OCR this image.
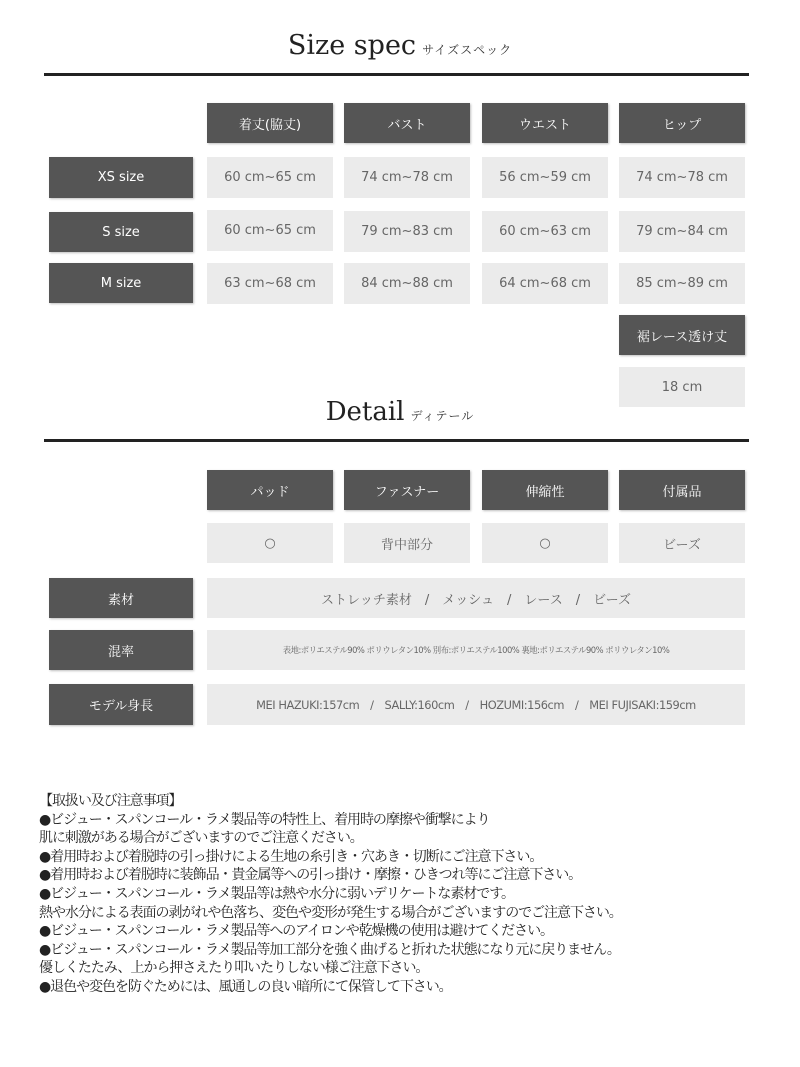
Size spec サイズスペック
着丈(脇丈)	バスト	ウエスト	ヒップ
XS size	60 cm~65 cm	74 cm~78 cm	56 cm~59 cm	74 cm~78 cm
S size	60 cm~65 cm	79 cm~83 cm	60 cm~63 cm	79 cm~84 cm
M size	63 cm~68 cm	84 cm~88 cm	64 cm~68 cm	85 cm~89 cm
裾レース透け丈
18 cm
Detail ディテール
パッド	ファスナー	伸縮性	付属品
○	背中部分	○	ビーズ
素材	ストレッチ素材　/　メッシュ　/　レース　/　ビーズ
混率	表地:ポリエステル90% ポリウレタン10% 別布:ポリエステル100% 裏地:ポリエステル90% ポリウレタン10%
モデル身長	MEI HAZUKI:157cm　/　SALLY:160cm　/　HOZUMI:156cm　/　MEI FUJISAKI:159cm
【取扱い及び注意事項】
●ビジュー・スパンコール・ラメ製品等の特性上、着用時の摩擦や衝撃により
肌に刺激がある場合がございますのでご注意ください。
●着用時および着脱時の引っ掛けによる生地の糸引き・穴あき・切断にご注意下さい。
●着用時および着脱時に装飾品・貴金属等への引っ掛け・摩擦・ひきつれ等にご注意下さい。
●ビジュー・スパンコール・ラメ製品等は熱や水分に弱いデリケートな素材です。
熱や水分による表面の剥がれや色落ち、変色や変形が発生する場合がございますのでご注意下さい。
●ビジュー・スパンコール・ラメ製品等へのアイロンや乾燥機の使用は避けてください。
●ビジュー・スパンコール・ラメ製品等加工部分を強く曲げると折れた状態になり元に戻りません。
優しくたたみ、上から押さえたり叩いたりしない様ご注意下さい。
●退色や変色を防ぐためには、風通しの良い暗所にて保管して下さい。
